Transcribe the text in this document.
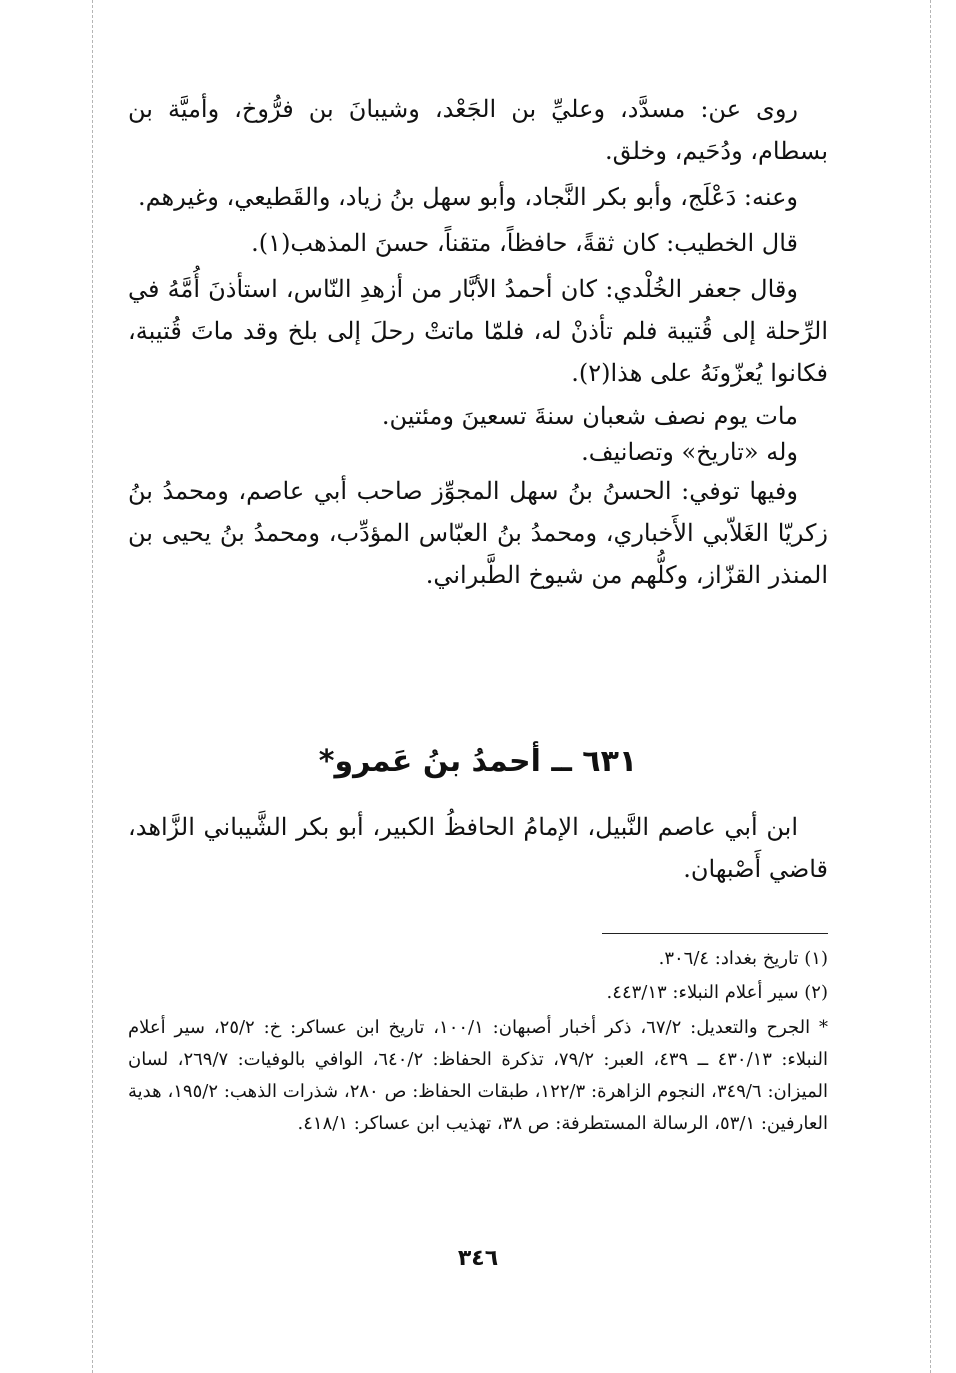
روى عن: مسدَّد، وعليِّ بن الجَعْد، وشيبانَ بن فرُّوخ، وأميَّة بن بسطام، ودُحَيم، وخلق.

وعنه: دَعْلَج، وأبو بكر النَّجاد، وأبو سهل بنُ زياد، والقَطيعي، وغيرهم.

قال الخطيب: كان ثقةً، حافظاً، متقناً، حسنَ المذهب(١).

وقال جعفر الخُلْدي: كان أحمدُ الأبَّار من أزهدِ النّاس، استأذنَ أُمَّهُ في الرِّحلة إلى قُتيبة فلم تأذنْ له، فلمّا ماتتْ رحلَ إلى بلخ وقد ماتَ قُتيبة، فكانوا يُعزّونَهُ على هذا(٢).

مات يوم نصف شعبان سنةَ تسعينَ ومئتين.

وله «تاريخ» وتصانيف.

وفيها توفي: الحسنُ بنُ سهل المجوِّز صاحب أبي عاصم، ومحمدُ بنُ زكريّا الغَلاّبي الأَخباري، ومحمدُ بنُ العبّاس المؤدِّب، ومحمدُ بنُ يحيى بن المنذر القزّاز، وكلُّهم من شيوخ الطَّبراني.

٦٣١ ــ أحمدُ بنُ عَمرو*

ابن أبي عاصم النَّبيل، الإمامُ الحافظُ الكبير، أبو بكر الشَّيباني الزَّاهد، قاضي أَصْبهان.

(١) تاريخ بغداد: ٣٠٦/٤.
(٢) سير أعلام النبلاء: ٤٤٣/١٣.
* الجرح والتعديل: ٦٧/٢، ذكر أخبار أصبهان: ١٠٠/١، تاريخ ابن عساكر: خ: ٢٥/٢، سير أعلام النبلاء: ٤٣٠/١٣ ــ ٤٣٩، العبر: ٧٩/٢، تذكرة الحفاظ: ٦٤٠/٢، الوافي بالوفيات: ٢٦٩/٧، لسان الميزان: ٣٤٩/٦، النجوم الزاهرة: ١٢٢/٣، طبقات الحفاظ: ص ٢٨٠، شذرات الذهب: ١٩٥/٢، هدية العارفين: ٥٣/١، الرسالة المستطرفة: ص ٣٨، تهذيب ابن عساكر: ٤١٨/١.
٣٤٦
